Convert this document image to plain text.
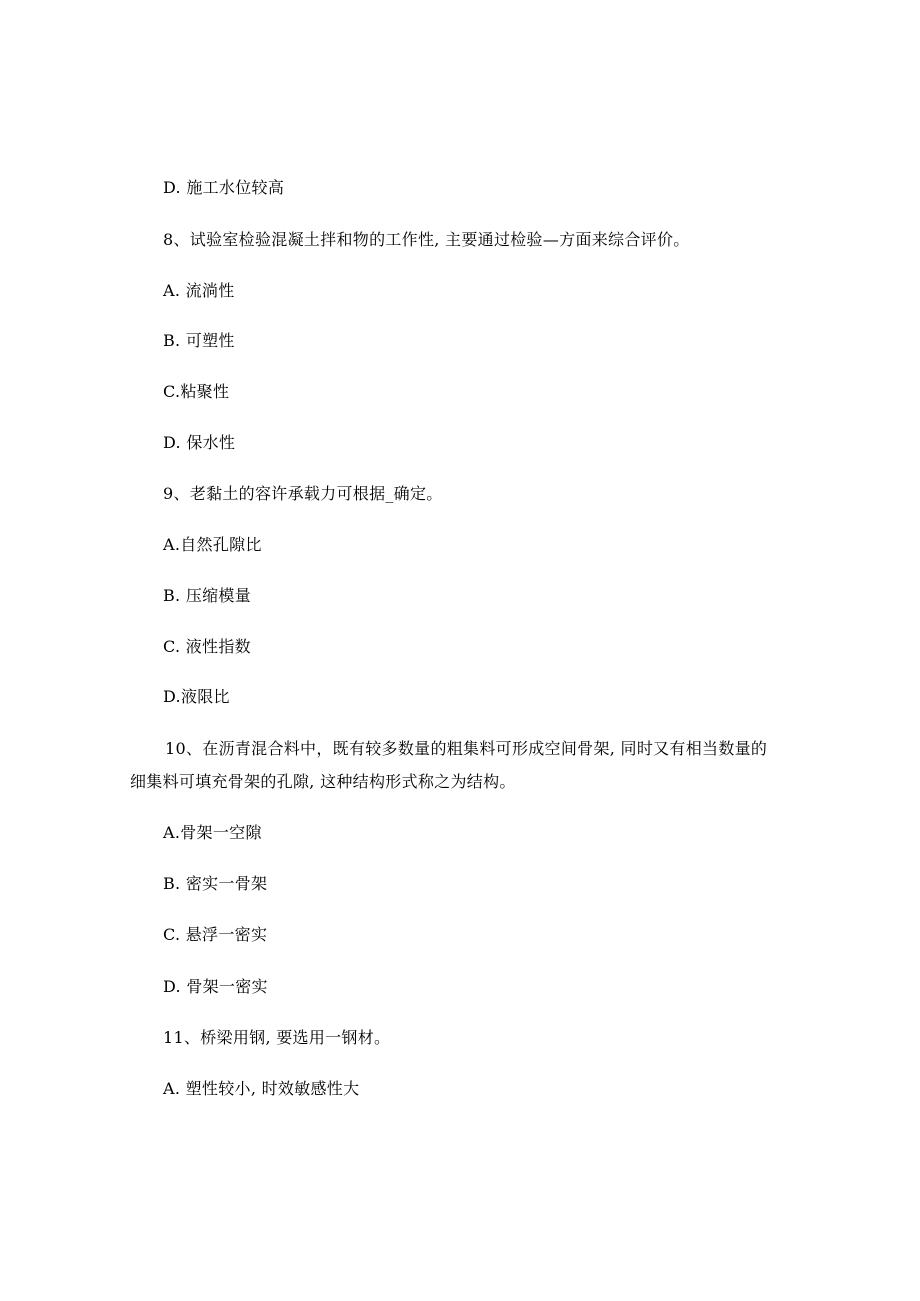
D. 施工水位较高
8、试验室检验混凝土拌和物的工作性, 主要通过检验—方面来综合评价。
A. 流淌性
B. 可塑性
C.粘聚性
D. 保水性
9、老黏土的容许承载力可根据_确定。
A.自然孔隙比
B. 压缩模量
C. 液性指数
D.液限比
10、在沥青混合料中，既有较多数量的粗集料可形成空间骨架, 同时又有相当数量的
细集料可填充骨架的孔隙, 这种结构形式称之为结构。
A.骨架一空隙
B. 密实一骨架
C. 悬浮一密实
D. 骨架一密实
11、桥梁用钢, 要选用一钢材。
A. 塑性较小, 时效敏感性大
